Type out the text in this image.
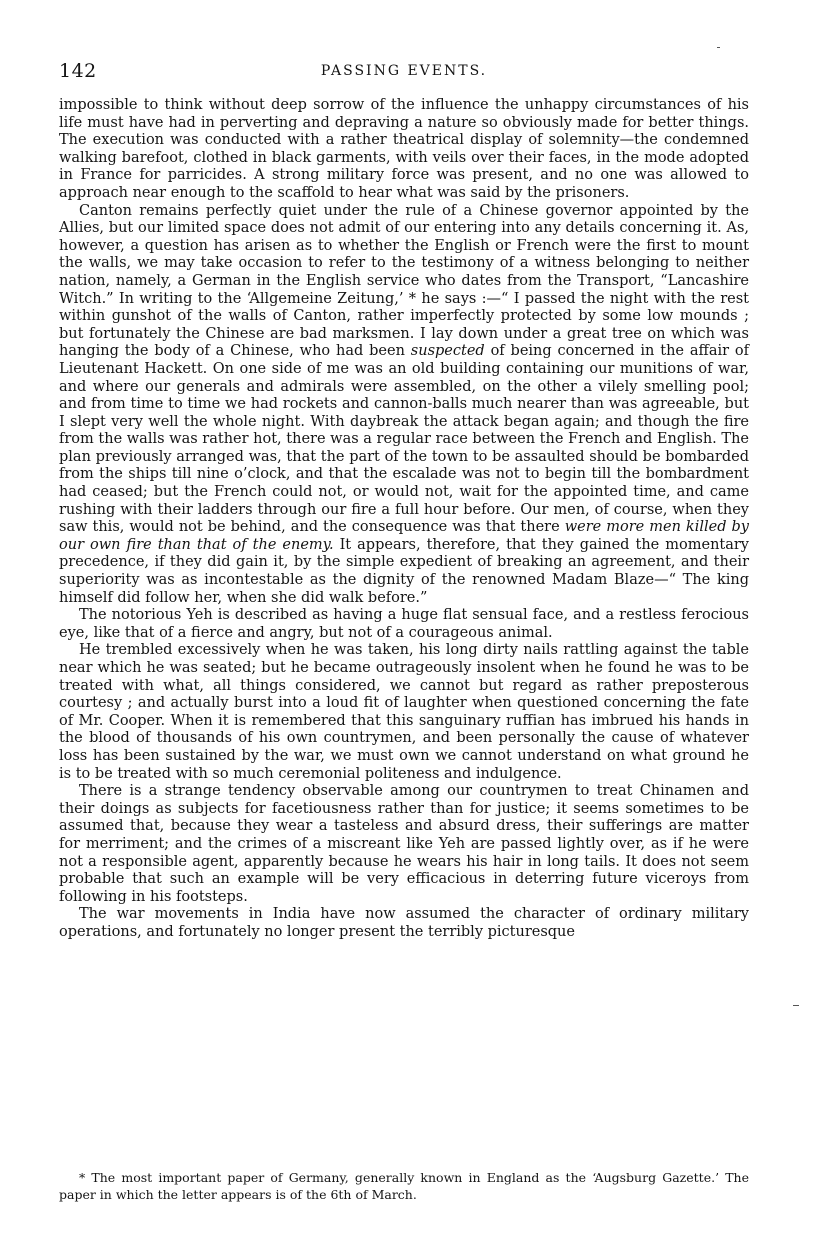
142	PASSING EVENTS.

impossible to think without deep sorrow of the influence the unhappy circumstances of his life must have had in perverting and depraving a nature so obviously made for better things. The execution was conducted with a rather theatrical display of solemnity—the condemned walking barefoot, clothed in black garments, with veils over their faces, in the mode adopted in France for parricides. A strong military force was present, and no one was allowed to approach near enough to the scaffold to hear what was said by the prisoners.

Canton remains perfectly quiet under the rule of a Chinese governor appointed by the Allies, but our limited space does not admit of our entering into any details concerning it. As, however, a question has arisen as to whether the English or French were the first to mount the walls, we may take occasion to refer to the testimony of a witness belonging to neither nation, namely, a German in the English service who dates from the Transport, “Lancashire Witch.” In writing to the ‘Allgemeine Zeitung,’ * he says :—“ I passed the night with the rest within gunshot of the walls of Canton, rather imperfectly protected by some low mounds ; but fortunately the Chinese are bad marksmen. I lay down under a great tree on which was hanging the body of a Chinese, who had been suspected of being concerned in the affair of Lieutenant Hackett. On one side of me was an old building containing our munitions of war, and where our generals and admirals were assembled, on the other a vilely smelling pool; and from time to time we had rockets and cannon-balls much nearer than was agreeable, but I slept very well the whole night. With daybreak the attack began again; and though the fire from the walls was rather hot, there was a regular race between the French and English. The plan previously arranged was, that the part of the town to be assaulted should be bombarded from the ships till nine o’clock, and that the escalade was not to begin till the bombardment had ceased; but the French could not, or would not, wait for the appointed time, and came rushing with their ladders through our fire a full hour before. Our men, of course, when they saw this, would not be behind, and the consequence was that there were more men killed by our own fire than that of the enemy. It appears, therefore, that they gained the momentary precedence, if they did gain it, by the simple expedient of breaking an agreement, and their superiority was as incontestable as the dignity of the renowned Madam Blaze—“ The king himself did follow her, when she did walk before.”

The notorious Yeh is described as having a huge flat sensual face, and a restless ferocious eye, like that of a fierce and angry, but not of a courageous animal.

He trembled excessively when he was taken, his long dirty nails rattling against the table near which he was seated; but he became outrageously insolent when he found he was to be treated with what, all things considered, we cannot but regard as rather preposterous courtesy ; and actually burst into a loud fit of laughter when questioned concerning the fate of Mr. Cooper. When it is remembered that this sanguinary ruffian has imbrued his hands in the blood of thousands of his own countrymen, and been personally the cause of whatever loss has been sustained by the war, we must own we cannot understand on what ground he is to be treated with so much ceremonial politeness and indulgence.

There is a strange tendency observable among our countrymen to treat Chinamen and their doings as subjects for facetiousness rather than for justice; it seems sometimes to be assumed that, because they wear a tasteless and absurd dress, their sufferings are matter for merriment; and the crimes of a miscreant like Yeh are passed lightly over, as if he were not a responsible agent, apparently because he wears his hair in long tails. It does not seem probable that such an example will be very efficacious in deterring future viceroys from following in his footsteps.

The war movements in India have now assumed the character of ordinary military operations, and fortunately no longer present the terribly picturesque

* The most important paper of Germany, generally known in England as the ‘Augsburg Gazette.’ The paper in which the letter appears is of the 6th of March.
